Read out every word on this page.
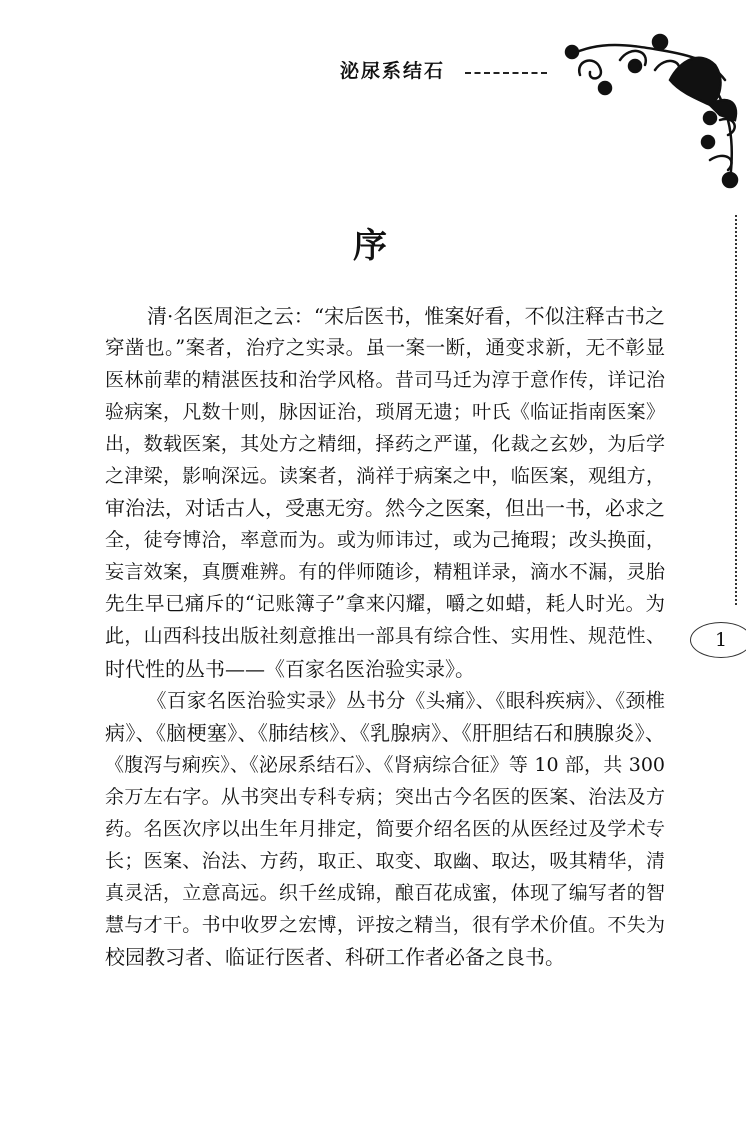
泌尿系结石
序
1
清·名医周洰之云：“宋后医书，惟案好看，不似注释古书之
穿凿也。”案者，治疗之实录。虽一案一断，通变求新，无不彰显
医林前辈的精湛医技和治学风格。昔司马迁为淳于意作传，详记治
验病案，凡数十则，脉因证治，琐屑无遗；叶氏《临证指南医案》
出，数载医案，其处方之精细，择药之严谨，化裁之玄妙，为后学
之津梁，影响深远。读案者，淌祥于病案之中，临医案，观组方，
审治法，对话古人，受惠无穷。然今之医案，但出一书，必求之
全，徒夸博洽，率意而为。或为师讳过，或为己掩瑕；改头换面，
妄言效案，真赝难辨。有的伴师随诊，精粗详录，滴水不漏，灵胎
先生早已痛斥的“记账簿子”拿来闪耀，嚼之如蜡，耗人时光。为
此，山西科技出版社刻意推出一部具有综合性、实用性、规范性、
时代性的丛书——《百家名医治验实录》。
《百家名医治验实录》丛书分《头痛》、《眼科疾病》、《颈椎
病》、《脑梗塞》、《肺结核》、《乳腺病》、《肝胆结石和胰腺炎》、
《腹泻与痢疾》、《泌尿系结石》、《肾病综合征》等 10 部，共 300
余万左右字。从书突出专科专病；突出古今名医的医案、治法及方
药。名医次序以出生年月排定，简要介绍名医的从医经过及学术专
长；医案、治法、方药，取正、取变、取幽、取达，吸其精华，清
真灵活，立意高远。织千丝成锦，酿百花成蜜，体现了编写者的智
慧与才干。书中收罗之宏博，评按之精当，很有学术价值。不失为
校园教习者、临证行医者、科研工作者必备之良书。
